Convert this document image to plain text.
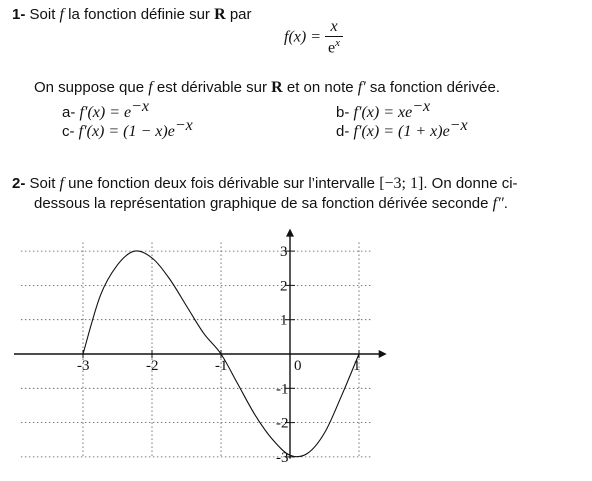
1- Soit f la fonction définie sur R par
$f(x) = \frac{x}{e^x}$
On suppose que f est dérivable sur R et on note f′ sa fonction dérivée.
a- $f'(x) = e^{-x}$	b- $f'(x) = xe^{-x}$
c- $f'(x) = (1 - x)e^{-x}$	d- $f'(x) = (1 + x)e^{-x}$
2- Soit f une fonction deux fois dérivable sur l’intervalle [−3; 1]. On donne ci-
dessous la représentation graphique de sa fonction dérivée seconde f″.
-3	-2	-1	0	1
3
2
1
-1
-2
-3
